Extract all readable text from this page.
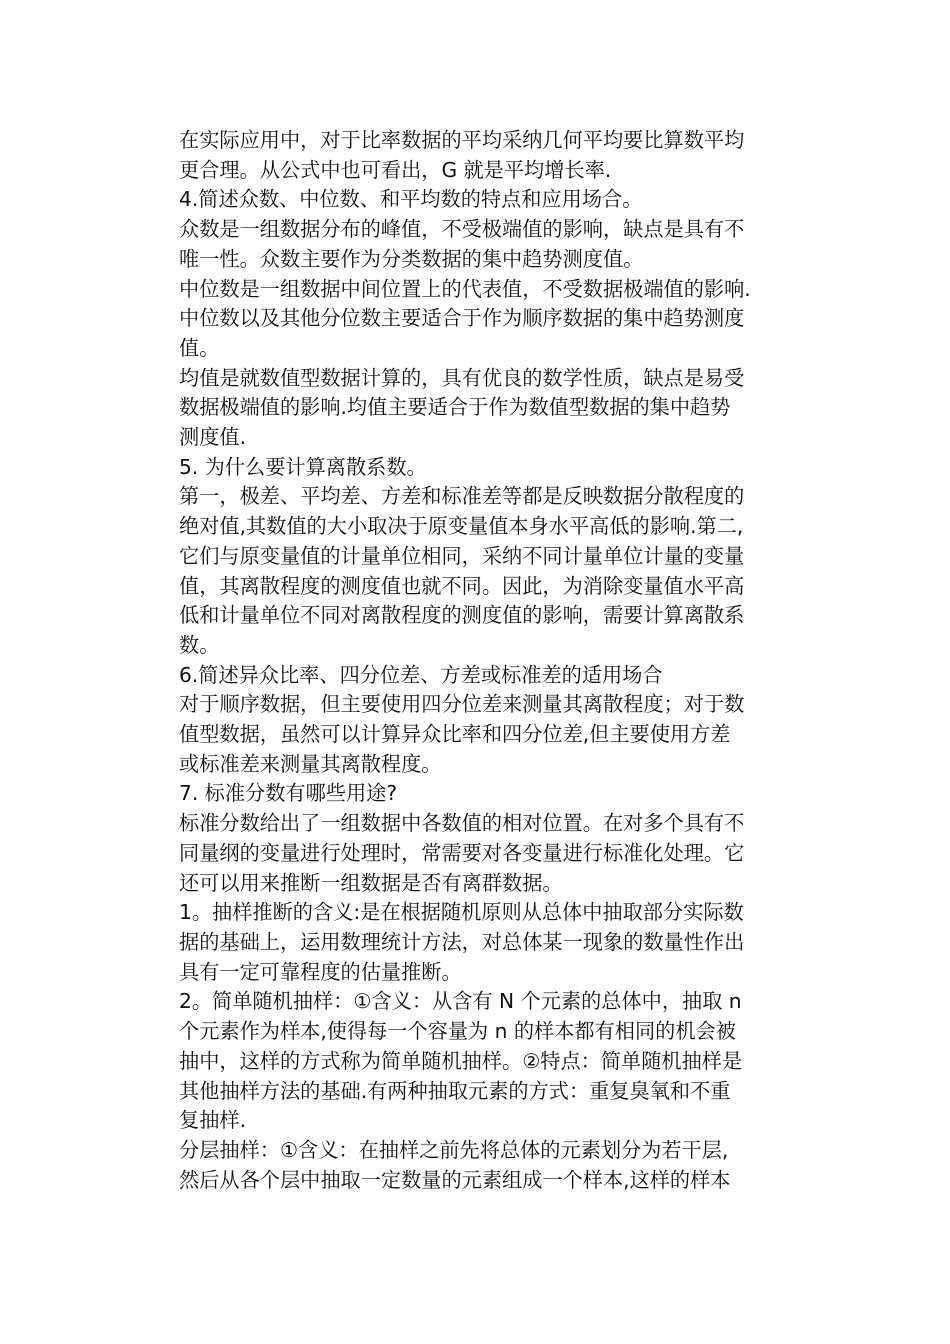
在实际应用中，对于比率数据的平均采纳几何平均要比算数平均
更合理。从公式中也可看出，G 就是平均增长率.
4.简述众数、中位数、和平均数的特点和应用场合。
众数是一组数据分布的峰值，不受极端值的影响，缺点是具有不
唯一性。众数主要作为分类数据的集中趋势测度值。
中位数是一组数据中间位置上的代表值，不受数据极端值的影响.
中位数以及其他分位数主要适合于作为顺序数据的集中趋势测度
值。
均值是就数值型数据计算的，具有优良的数学性质，缺点是易受
数据极端值的影响.均值主要适合于作为数值型数据的集中趋势
测度值.
5. 为什么要计算离散系数。
第一，极差、平均差、方差和标准差等都是反映数据分散程度的
绝对值,其数值的大小取决于原变量值本身水平高低的影响.第二,
它们与原变量值的计量单位相同，采纳不同计量单位计量的变量
值，其离散程度的测度值也就不同。因此，为消除变量值水平高
低和计量单位不同对离散程度的测度值的影响，需要计算离散系
数。
6.简述异众比率、四分位差、方差或标准差的适用场合
对于顺序数据，但主要使用四分位差来测量其离散程度；对于数
值型数据，虽然可以计算异众比率和四分位差,但主要使用方差
或标准差来测量其离散程度。
7. 标准分数有哪些用途?
标准分数给出了一组数据中各数值的相对位置。在对多个具有不
同量纲的变量进行处理时，常需要对各变量进行标准化处理。它
还可以用来推断一组数据是否有离群数据。
1。抽样推断的含义:是在根据随机原则从总体中抽取部分实际数
据的基础上，运用数理统计方法，对总体某一现象的数量性作出
具有一定可靠程度的估量推断。
2。简单随机抽样：①含义：从含有 N 个元素的总体中，抽取 n
个元素作为样本,使得每一个容量为 n 的样本都有相同的机会被
抽中，这样的方式称为简单随机抽样。②特点：简单随机抽样是
其他抽样方法的基础.有两种抽取元素的方式：重复臭氧和不重
复抽样.
分层抽样：①含义：在抽样之前先将总体的元素划分为若干层,
然后从各个层中抽取一定数量的元素组成一个样本,这样的样本
